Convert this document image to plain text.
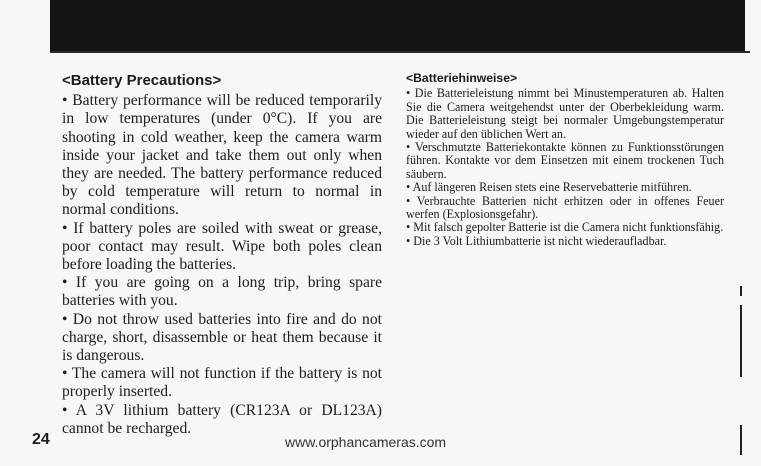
<Battery Precautions>

• Battery performance will be reduced temporarily in low temperatures (under 0°C). If you are shooting in cold weather, keep the camera warm inside your jacket and take them out only when they are needed. The battery performance reduced by cold temperature will return to normal in normal conditions.

• If battery poles are soiled with sweat or grease, poor contact may result. Wipe both poles clean before loading the batteries.

• If you are going on a long trip, bring spare batteries with you.

• Do not throw used batteries into fire and do not charge, short, disassemble or heat them because it is dangerous.

• The camera will not function if the battery is not properly inserted.

• A 3V lithium battery (CR123A or DL123A) cannot be recharged.

<Batteriehinweise>

• Die Batterieleistung nimmt bei Minustemperaturen ab. Halten Sie die Camera weitgehendst unter der Oberbekleidung warm. Die Batterieleistung steigt bei normaler Umgebungstemperatur wieder auf den üblichen Wert an.

• Verschmutzte Batteriekontakte können zu Funktionsstörungen führen. Kontakte vor dem Einsetzen mit einem trockenen Tuch säubern.

• Auf längeren Reisen stets eine Reservebatterie mitführen.

• Verbrauchte Batterien nicht erhitzen oder in offenes Feuer werfen (Explosionsgefahr).

• Mit falsch gepolter Batterie ist die Camera nicht funktionsfähig.

• Die 3 Volt Lithiumbatterie ist nicht wiederaufladbar.

24	www.orphancameras.com
